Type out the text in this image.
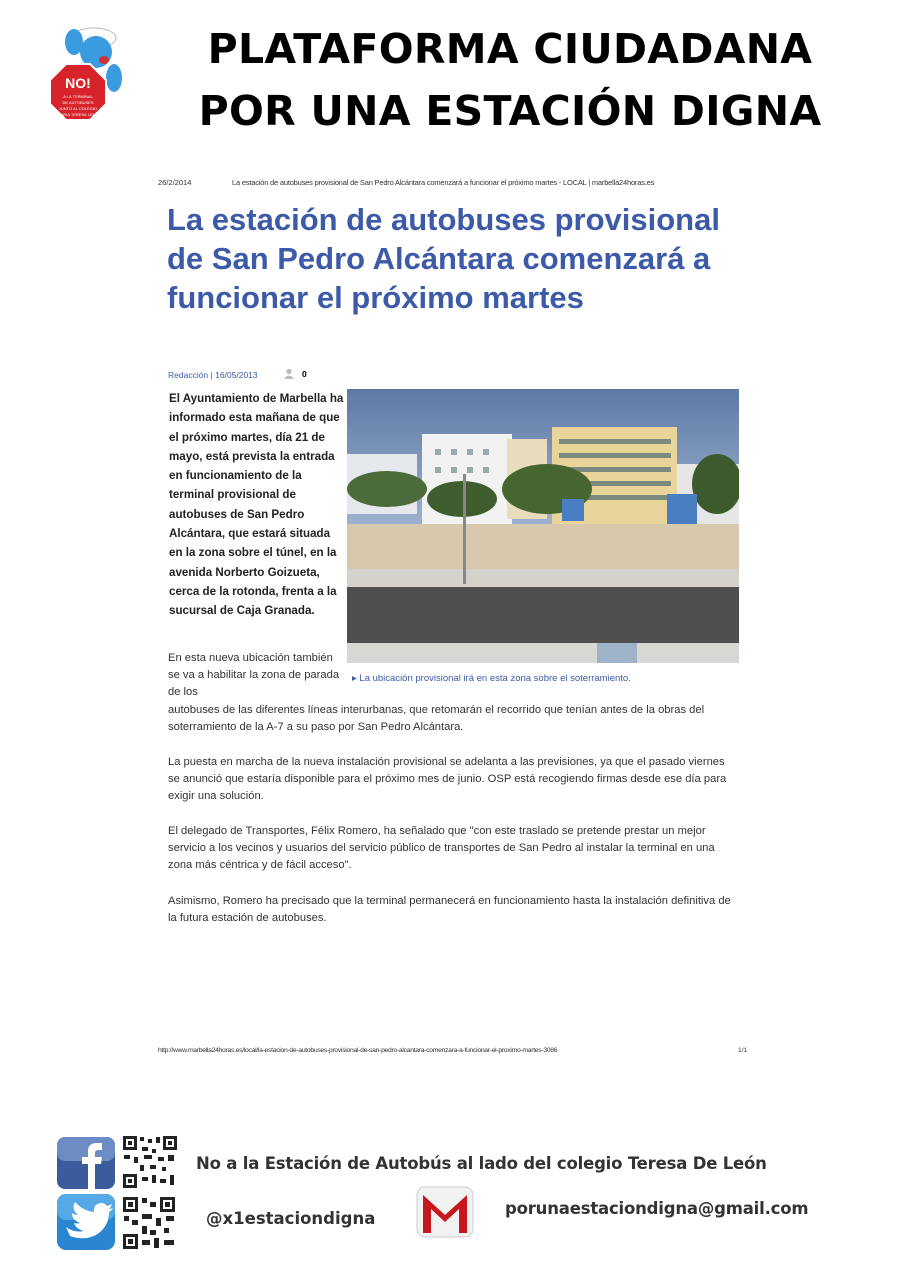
NO!
A LA TERMINAL
DE AUTOBUSES
JUNTO AL COLEGIO
MARIA TERESA LEON
PLATAFORMA CIUDADANA
POR UNA ESTACIÓN DIGNA
26/2/2014	La estación de autobuses provisional de San Pedro Alcántara comenzará a funcionar el próximo martes - LOCAL | marbella24horas.es
La estación de autobuses provisional de San Pedro Alcántara comenzará a funcionar el próximo martes
Redacción | 16/05/2013	0
El Ayuntamiento de Marbella ha informado esta mañana de que el próximo martes, día 21 de mayo, está prevista la entrada en funcionamiento de la terminal provisional de autobuses de San Pedro Alcántara, que estará situada en la zona sobre el túnel, en la avenida Norberto Goizueta, cerca de la rotonda, frenta a la sucursal de Caja Granada.
▸ La ubicación provisional irá en esta zona sobre el soterramiento.
En esta nueva ubicación también se va a habilitar la zona de parada de los
autobuses de las diferentes líneas interurbanas, que retomarán el recorrido que tenían antes de la obras del soterramiento de la A-7 a su paso por San Pedro Alcántara.
La puesta en marcha de la nueva instalación provisional se adelanta a las previsiones, ya que el pasado viernes se anunció que estaría disponible para el próximo mes de junio. OSP está recogiendo firmas desde ese día para exigir una solución.
El delegado de Transportes, Félix Romero, ha señalado que "con este traslado se pretende prestar un mejor servicio a los vecinos y usuarios del servicio público de transportes de San Pedro al instalar la terminal en una zona más céntrica y de fácil acceso".
Asimismo, Romero ha precisado que la terminal permanecerá en funcionamiento hasta la instalación definitiva de la futura estación de autobuses.
http://www.marbella24horas.es/local/la-estacion-de-autobuses-provisional-de-san-pedro-alcantara-comenzara-a-funcionar-el-proximo-martes-3086	1/1
No a la Estación de Autobús al lado del colegio Teresa De León
@x1estaciondigna
porunaestaciondigna@gmail.com
